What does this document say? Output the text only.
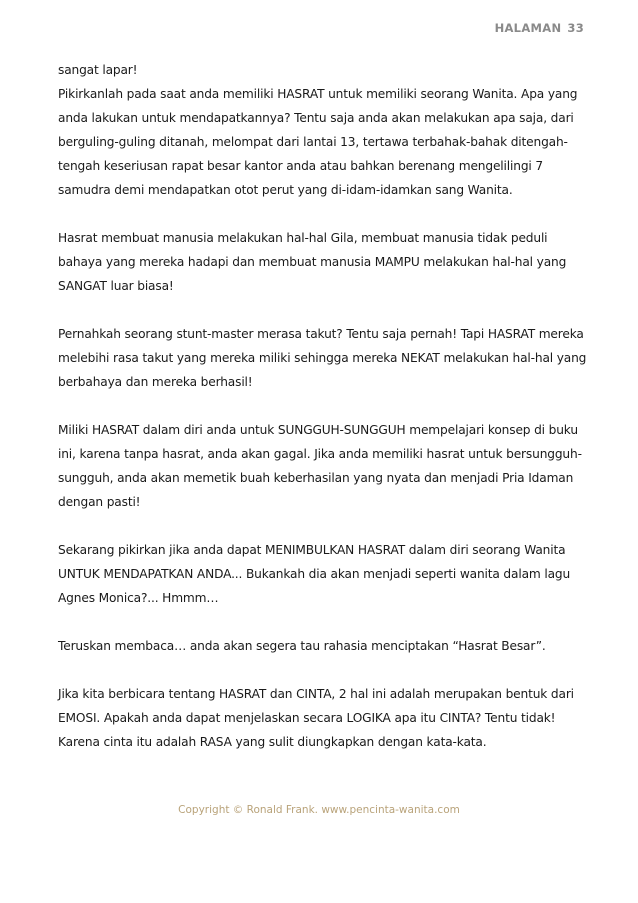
HALAMAN 33

sangat lapar!

Pikirkanlah pada saat anda memiliki HASRAT untuk memiliki seorang Wanita. Apa yang anda lakukan untuk mendapatkannya? Tentu saja anda akan melakukan apa saja, dari berguling-guling ditanah, melompat dari lantai 13, tertawa terbahak-bahak ditengah-tengah keseriusan rapat besar kantor anda atau bahkan berenang mengelilingi 7 samudra demi mendapatkan otot perut yang di-idam-idamkan sang Wanita.

Hasrat membuat manusia melakukan hal-hal Gila, membuat manusia tidak peduli bahaya yang mereka hadapi dan membuat manusia MAMPU melakukan hal-hal yang SANGAT luar biasa!

Pernahkah seorang stunt-master merasa takut? Tentu saja pernah! Tapi HASRAT mereka melebihi rasa takut yang mereka miliki sehingga mereka NEKAT melakukan hal-hal yang berbahaya dan mereka berhasil!

Miliki HASRAT dalam diri anda untuk SUNGGUH-SUNGGUH mempelajari konsep di buku ini, karena tanpa hasrat, anda akan gagal. Jika anda memiliki hasrat untuk bersungguh-sungguh, anda akan memetik buah keberhasilan yang nyata dan menjadi Pria Idaman dengan pasti!

Sekarang pikirkan jika anda dapat MENIMBULKAN HASRAT dalam diri seorang Wanita UNTUK MENDAPATKAN ANDA... Bukankah dia akan menjadi seperti wanita dalam lagu Agnes Monica?... Hmmm…

Teruskan membaca… anda akan segera tau rahasia menciptakan “Hasrat Besar”.

Jika kita berbicara tentang HASRAT dan CINTA, 2 hal ini adalah merupakan bentuk dari EMOSI. Apakah anda dapat menjelaskan secara LOGIKA apa itu CINTA? Tentu tidak! Karena cinta itu adalah RASA yang sulit diungkapkan dengan kata-kata.

Copyright © Ronald Frank. www.pencinta-wanita.com
